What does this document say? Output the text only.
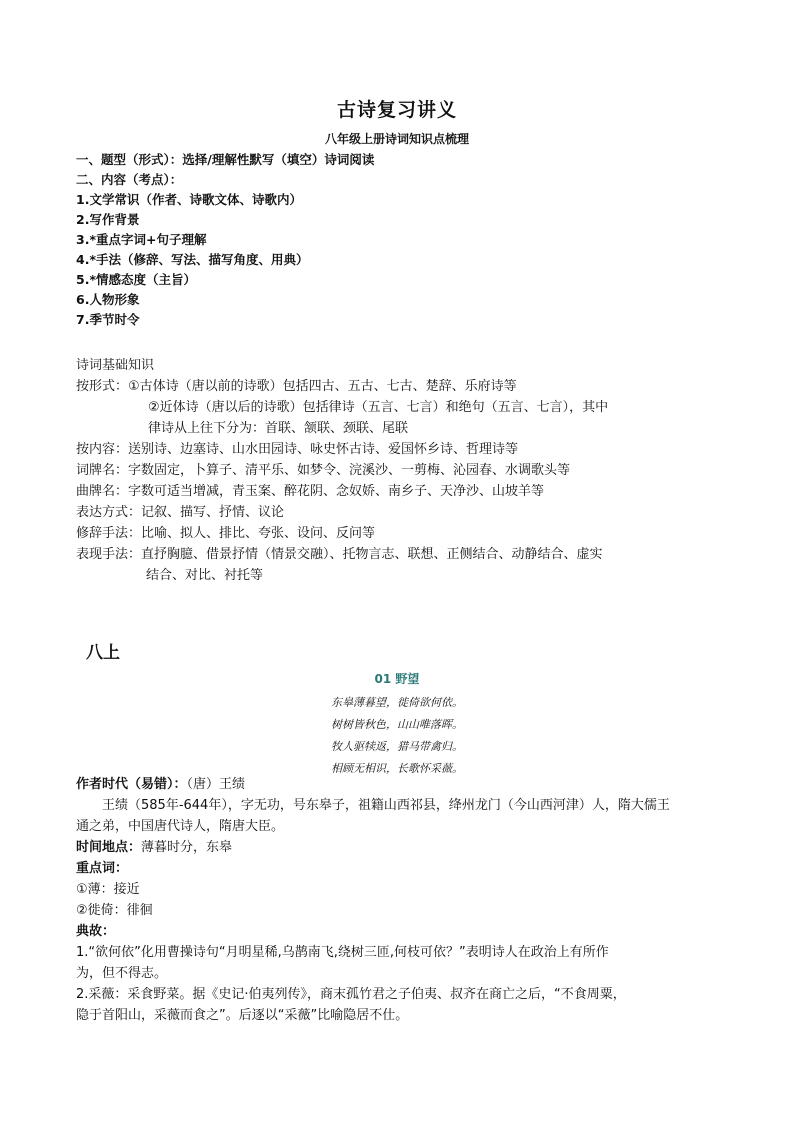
古诗复习讲义
八年级上册诗词知识点梳理
一、题型（形式）：选择/理解性默写（填空）诗词阅读
二、内容（考点）：
1.文学常识（作者、诗歌文体、诗歌内）
2.写作背景
3.*重点字词+句子理解
4.*手法（修辞、写法、描写角度、用典）
5.*情感态度（主旨）
6.人物形象
7.季节时令
诗词基础知识
按形式：①古体诗（唐以前的诗歌）包括四古、五古、七古、楚辞、乐府诗等
②近体诗（唐以后的诗歌）包括律诗（五言、七言）和绝句（五言、七言），其中
律诗从上往下分为：首联、颔联、颈联、尾联
按内容：送别诗、边塞诗、山水田园诗、咏史怀古诗、爱国怀乡诗、哲理诗等
词牌名：字数固定，卜算子、清平乐、如梦令、浣溪沙、一剪梅、沁园春、水调歌头等
曲牌名：字数可适当增减，青玉案、醉花阴、念奴娇、南乡子、天净沙、山坡羊等
表达方式：记叙、描写、抒情、议论
修辞手法：比喻、拟人、排比、夸张、设问、反问等
表现手法：直抒胸臆、借景抒情（情景交融）、托物言志、联想、正侧结合、动静结合、虚实
结合、对比、衬托等
八上
01 野望
东皋薄暮望，徙倚欲何依。
树树皆秋色，山山唯落晖。
牧人驱犊返，猎马带禽归。
相顾无相识，长歌怀采薇。
作者时代（易错）：（唐）王绩
王绩（585年-644年），字无功，号东皋子，祖籍山西祁县，绛州龙门（今山西河津）人，隋大儒王
通之弟，中国唐代诗人，隋唐大臣。
时间地点：薄暮时分，东皋
重点词：
①薄：接近
②徙倚：徘徊
典故：
1.“欲何依”化用曹操诗句“月明星稀,乌鹊南飞,绕树三匝,何枝可依？”表明诗人在政治上有所作
为，但不得志。
2.采薇：采食野菜。据《史记·伯夷列传》，商末孤竹君之子伯夷、叔齐在商亡之后，“不食周粟，
隐于首阳山，采薇而食之”。后逐以“采薇”比喻隐居不仕。
